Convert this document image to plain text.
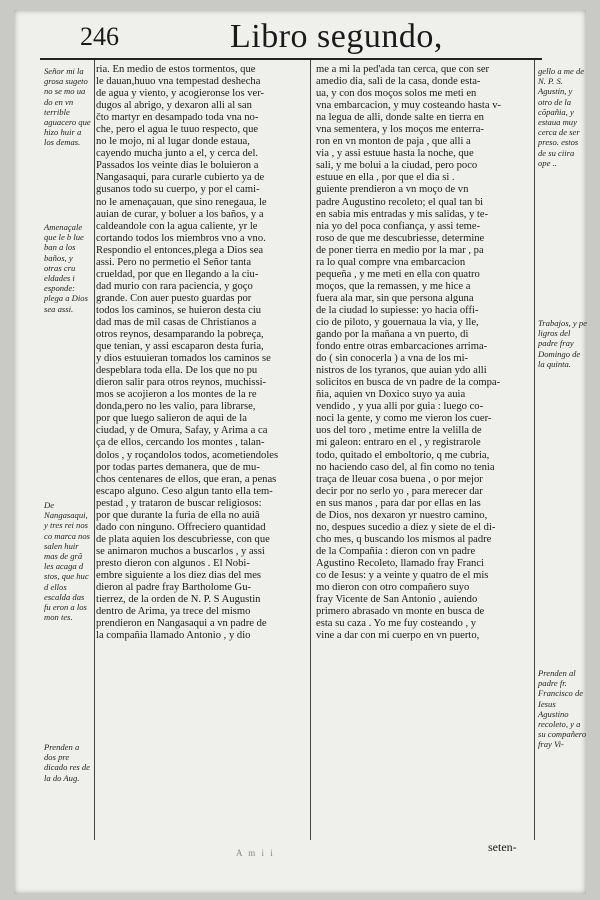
246	Libro segundo,
ria. En medio de estos tormentos, que
le dauan,huuo vna tempestad deshecha
de agua y viento, y acogieronse los ver-
dugos al abrigo, y dexaron alli al san
čto martyr en desampado toda vna no-
che, pero el agua le tuuo respecto, que
no le mojo, ni al lugar donde estaua,
cayendo mucha junto a el, y cerca del.
Passados los veinte dias le boluieron a
Nangasaqui, para curarle cubierto ya de
gusanos todo su cuerpo, y por el cami-
no le amenaçauan, que sino renegaua, le
auian de curar, y boluer a los baños, y a
caldeandole con la agua caliente, yr le
cortando todos los miembros vno a vno.
Respondio el entonces,plega a Dios sea
assi. Pero no permetio el Señor tanta
crueldad, por que en llegando a la ciu-
dad murio con rara paciencia, y goço
grande. Con auer puesto guardas por
todos los caminos, se huieron desta ciu
dad mas de mil casas de Christianos a
otros reynos, desamparando la pobreça,
que tenian, y assi escaparon desta furia,
y dios estuuieran tomados los caminos se
despeblara toda ella. De los que no pu
dieron salir para otros reynos, muchissi-
mos se acojieron a los montes de la re
donda,pero no les valio, para librarse,
por que luego salieron de aqui de la
ciudad, y de Omura, Safay, y Arima a ca
ça de ellos, cercando los montes , talan-
dolos , y roçandolos todos, acometiendoles
por todas partes demanera, que de mu-
chos centenares de ellos, que eran, a penas
escapo alguno. Ceso algun tanto ella tem-
pestad , y trataron de buscar religiosos:
por que durante la furia de ella no auiâ
dado con ninguno. Offreciero quantidad
de plata aquien los descubriesse, con que
se animaron muchos a buscarlos , y assi
presto dieron con algunos . El Nobi-
embre siguiente a los diez dias del mes
dieron al padre fray Bartholome Gu-
tierrez, de la orden de N. P. S Augustin
dentro de Arima, ya trece del mismo
prendieron en Nangasaqui a vn padre de
la compañia llamado Antonio , y dio
me a mi la ped'ada tan cerca, que con ser
amedio dia, sali de la casa, donde esta-
ua, y con dos moços solos me meti en
vna embarcacion, y muy costeando hasta v-
na legua de alli, donde salte en tierra en
vna sementera, y los moços me enterra-
ron en vn monton de paja , que alli a
via , y assi estuue hasta la noche, que
sali, y me bolui a la ciudad, pero poco
estuue en ella , por que el dia si .
guiente prendieron a vn moço de vn
padre Augustino recoleto; el qual tan bi
en sabia mis entradas y mis salidas, y te-
nia yo del poca confiança, y assi teme-
roso de que me descubriesse, determine
de poner tierra en medio por la mar , pa
ra lo qual compre vna embarcacion
pequeña , y me meti en ella con quatro
moços, que la remassen, y me hice a
fuera ala mar, sin que persona alguna
de la ciudad lo supiesse: yo hacia offi-
cio de piloto, y gouernaua la via, y lle,
gando por la mañana a vn puerto, di
fondo entre otras embarcaciones arrima-
do ( sin conocerla ) a vna de los mi-
nistros de los tyranos, que auian ydo alli
solicitos en busca de vn padre de la compa-
ñia, aquien vn Doxico suyo ya auia
vendido , y yua alli por guia : luego co-
noci la gente, y como me vieron los cuer-
uos del toro , metime entre la velilla de
mi galeon: entraro en el , y registrarole
todo, quitado el emboltorio, q me cubria,
no haciendo caso del, al fin como no tenia
traça de lleuar cosa buena , o por mejor
decir por no serlo yo , para merecer dar
en sus manos , para dar por ellas en las
de Dios, nos dexaron yr nuestro camino,
no, despues sucedio a diez y siete de el di-
cho mes, q buscando los mismos al padre
de la Compañia : dieron con vn padre
Agustino Recoleto, llamado fray Franci
co de Iesus: y a veinte y quatro de el mis
mo dieron con otro compañero suyo
fray Vicente de San Antonio , auiendo
primero abrasado vn monte en busca de
esta su caza . Yo me fuy costeando , y
vine a dar con mi cuerpo en vn puerto,
Señor mi la grosa sugeto no se mo ua do en vn terrible aguacero que hizo huir a los demas.
Amenaçale que le b lue ban a los baños, y otras cru eldades i esponde: plega a Dios sea assi.
De Nangasaqui, y tres rei nos co marca nos salen huir mas de grã les acaga d stos, que huc d ellos escalda das fu eron a los mon tes.
Prenden a dos pre dicado res de la do Aug.
gello a me de N. P. S. Agustin, y otro de la cõpañia, y estaua muy cerca de ser preso. estos de su ciira ope ..
Trabajos, y pe ligros del padre fray Domingo de la quinta.
Prenden al padre fr. Francisco de Iesus Agustino recoleto, y a su compañero fray Vi-
A m i i	seten-
